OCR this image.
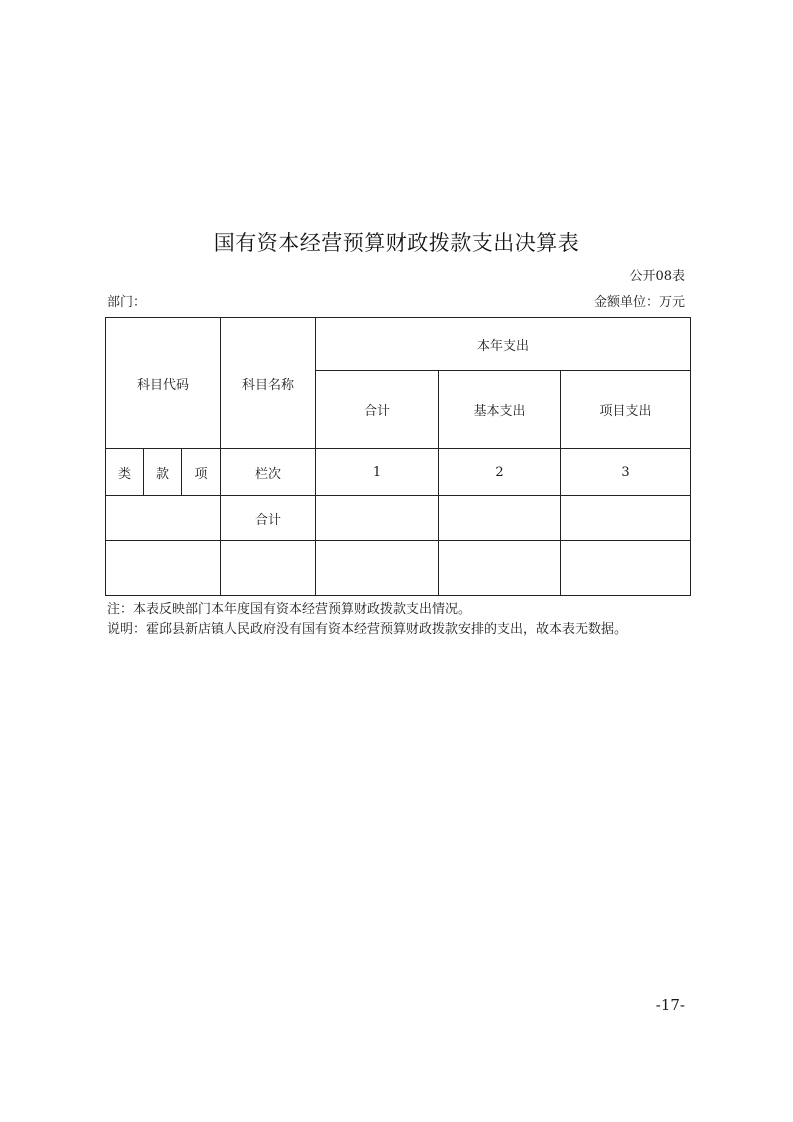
国有资本经营预算财政拨款支出决算表
公开08表
部门：	金额单位：万元
科目代码			科目名称	本年支出		
				合计	基本支出	项目支出
类	款	项	栏次	1	2	3
			合计			

注：本表反映部门本年度国有资本经营预算财政拨款支出情况。
说明：霍邱县新店镇人民政府没有国有资本经营预算财政拨款安排的支出，故本表无数据。
-17-
